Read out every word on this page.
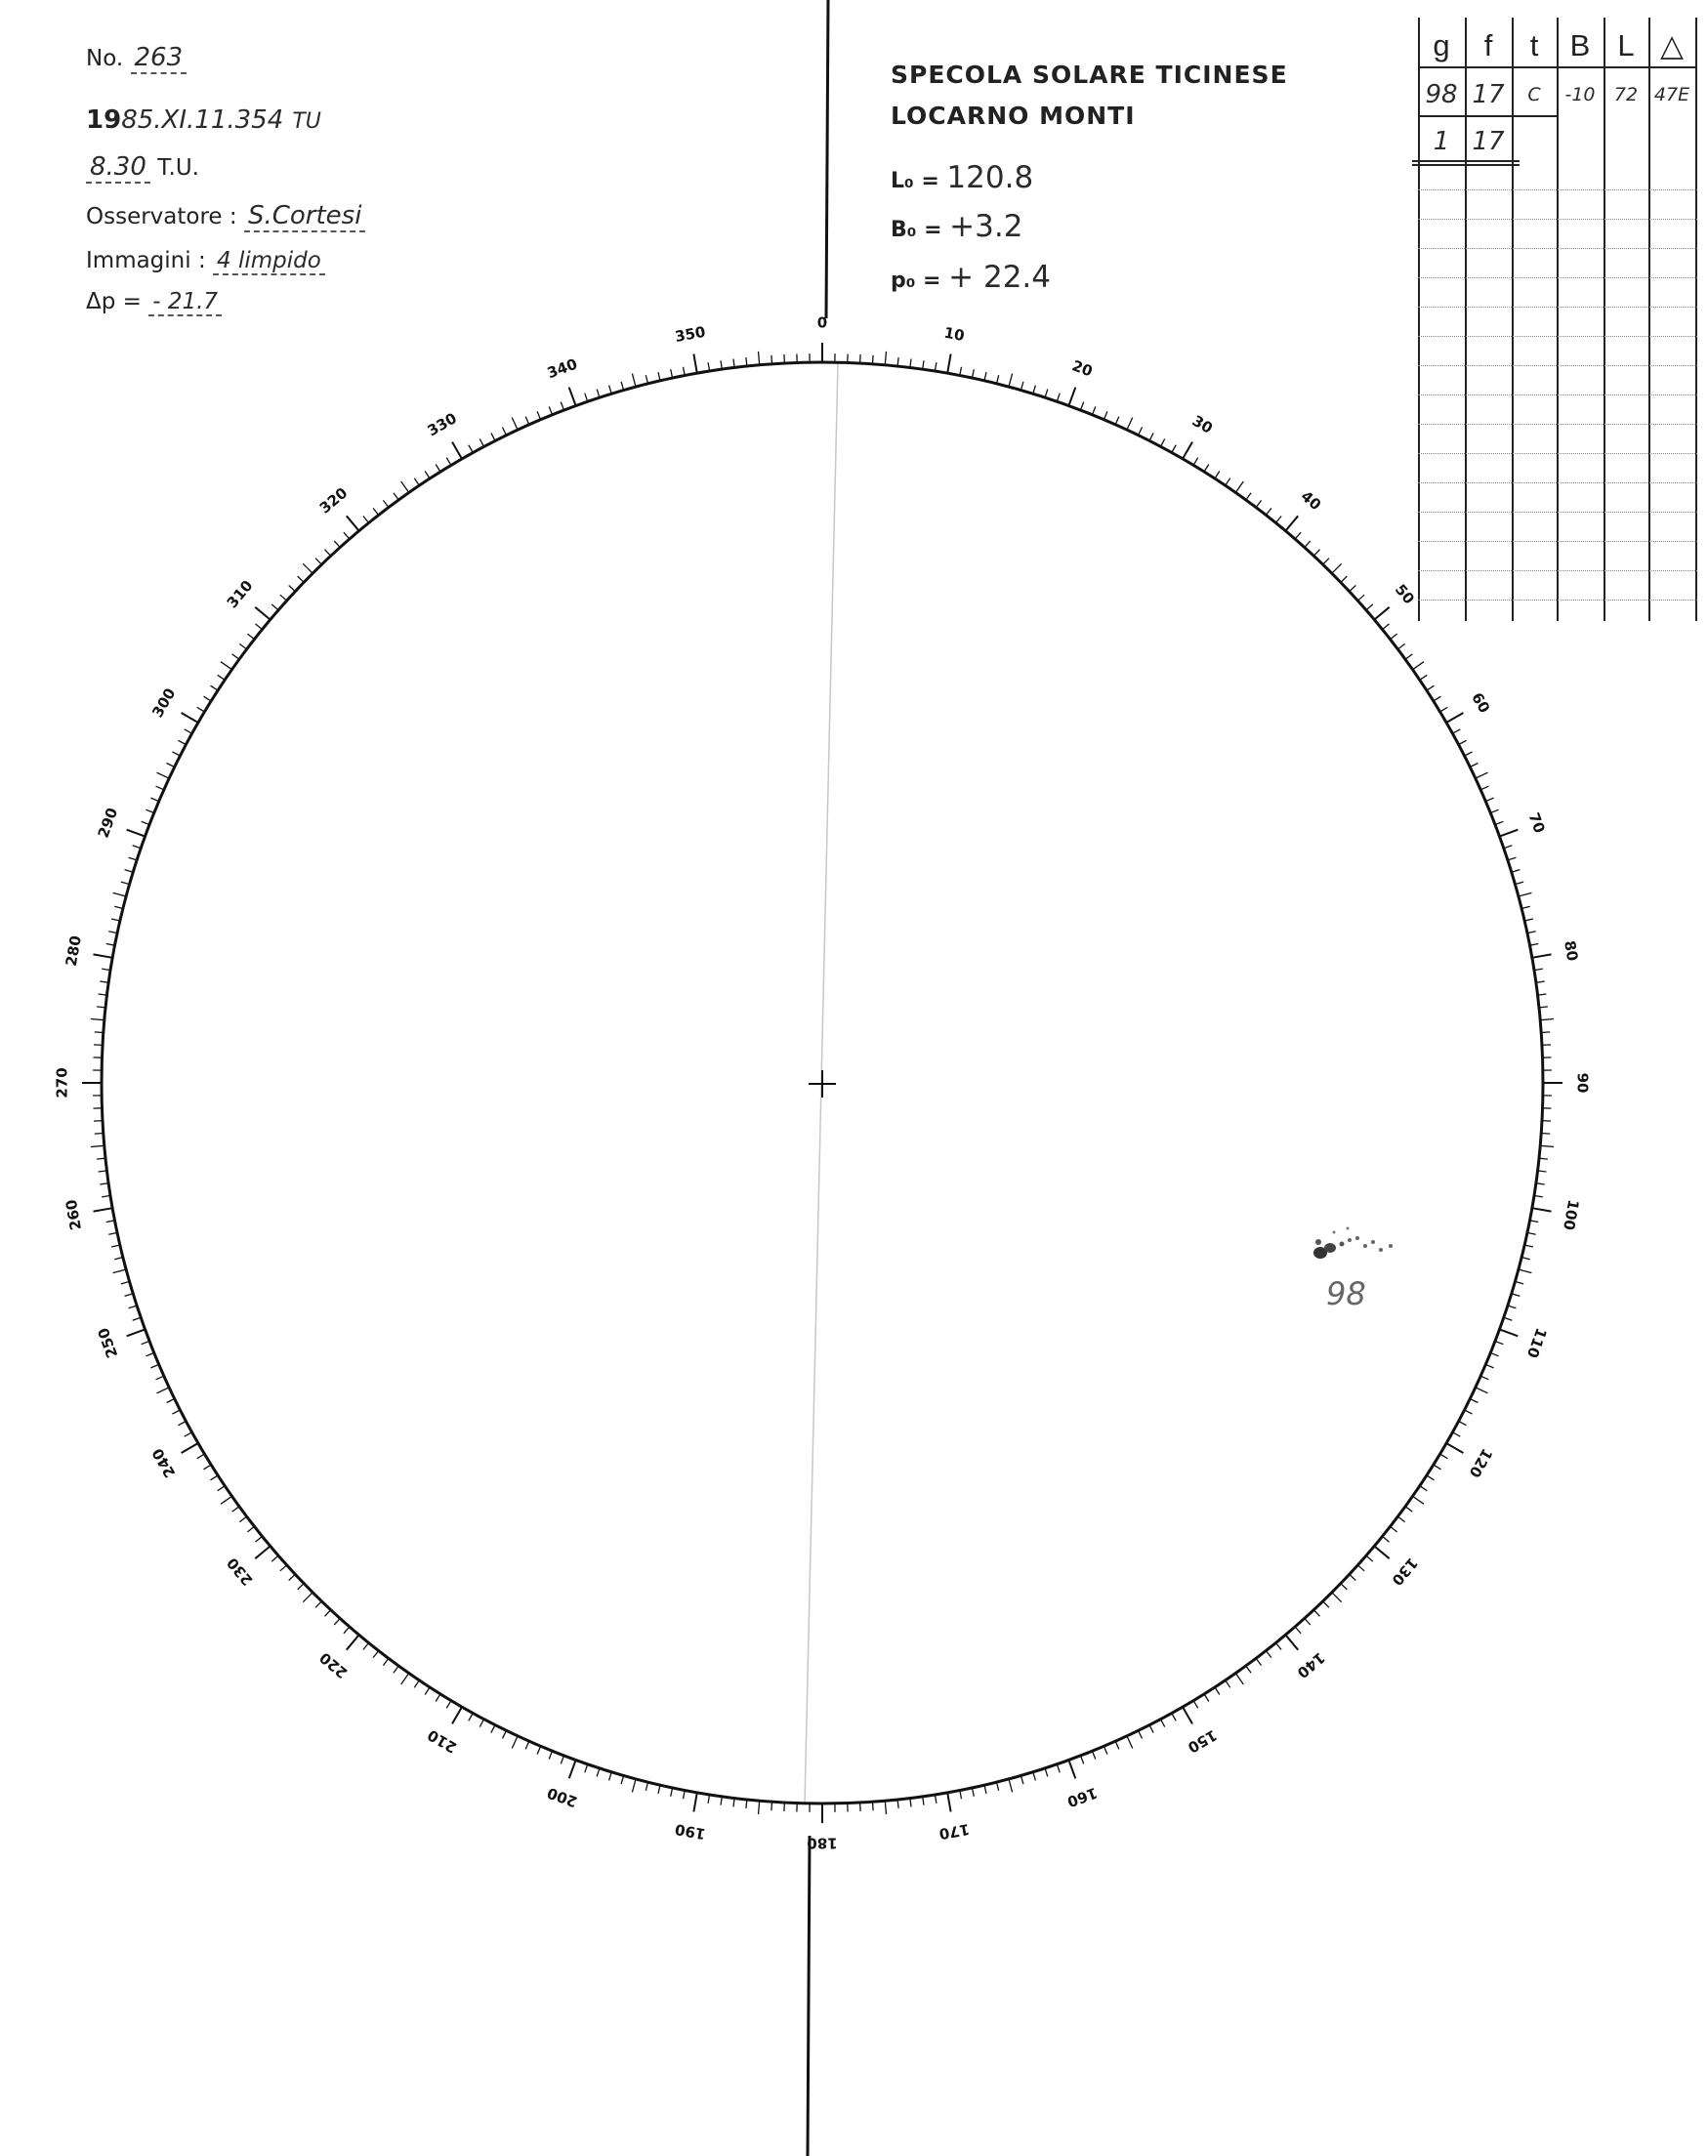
No. 263
1985.XI.11.354 TU
8.30 T.U.
Osservatore : S.Cortesi
Immagini : 4 limpido
Δp = - 21.7
SPECOLA SOLARE TICINESE
LOCARNO MONTI
L₀ = 120.8
B₀ = +3.2
p₀ = + 22.4
0
10
20
30
40
50
60
70
80
90
100
110
120
130
140
150
160
170
180
190
200
210
220
230
240
250
260
270
280
290
300
310
320
330
340
350
98
g	f	t	B L △
98 17	C	-10	72 47E
1 17
